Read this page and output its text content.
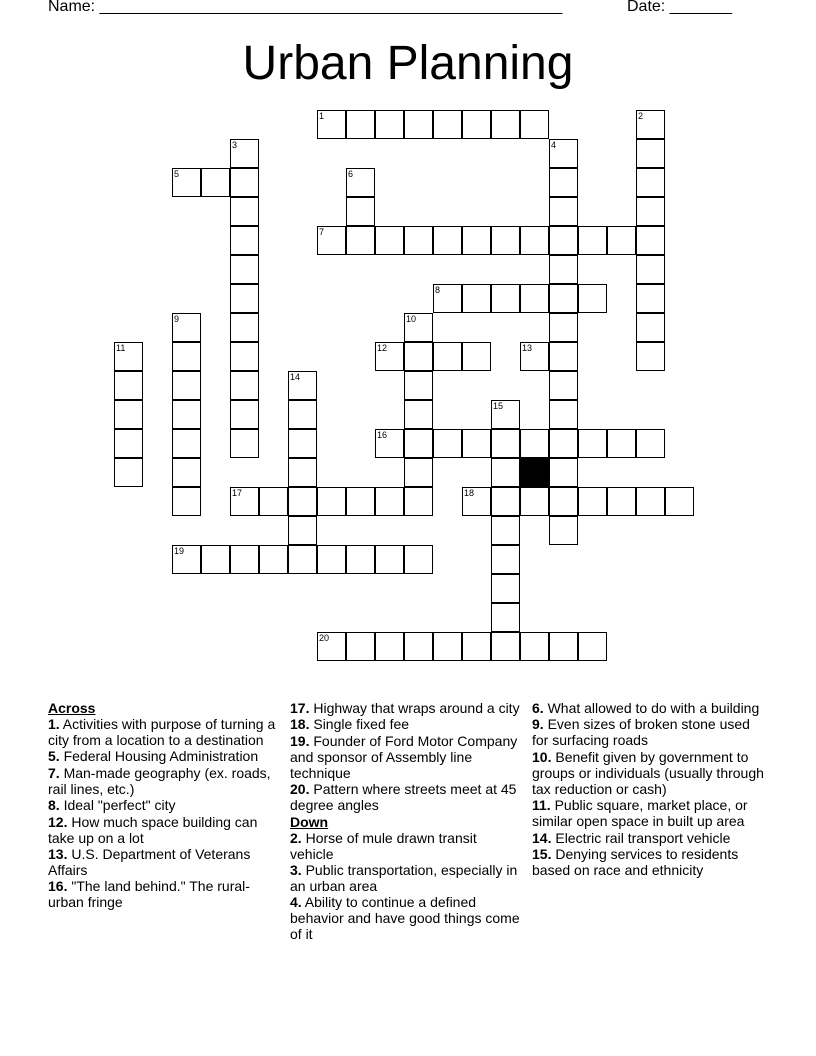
Name: ____________________________________________________	Date: _______
Urban Planning
1	2
3	4
5	6
7
8
9	10
11	12	13
14
15
16
17	18
19
20
Across
1. Activities with purpose of turning a city from a location to a destination
5. Federal Housing Administration
7. Man-made geography (ex. roads, rail lines, etc.)
8. Ideal "perfect" city
12. How much space building can take up on a lot
13. U.S. Department of Veterans Affairs
16. "The land behind." The rural-urban fringe
17. Highway that wraps around a city
18. Single fixed fee
19. Founder of Ford Motor Company and sponsor of Assembly line technique
20. Pattern where streets meet at 45 degree angles
Down
2. Horse of mule drawn transit vehicle
3. Public transportation, especially in an urban area
4. Ability to continue a defined behavior and have good things come of it
6. What allowed to do with a building
9. Even sizes of broken stone used for surfacing roads
10. Benefit given by government to groups or individuals (usually through tax reduction or cash)
11. Public square, market place, or similar open space in built up area
14. Electric rail transport vehicle
15. Denying services to residents based on race and ethnicity
